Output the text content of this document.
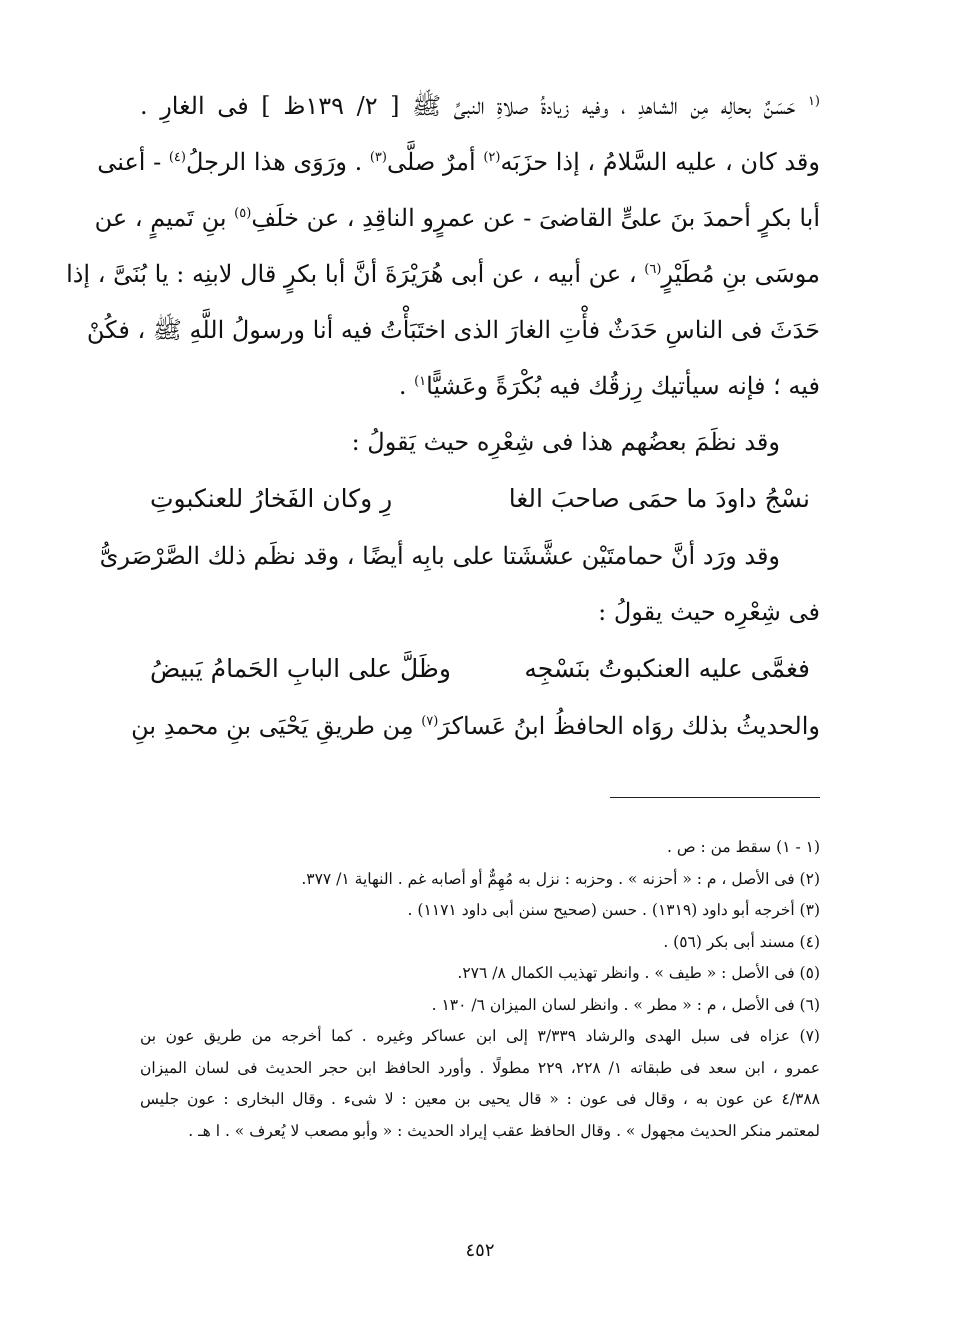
$^{(١}$ حَسَنٌ بحالِه مِن الشاهدِ ، وفيه زيادةُ صلاةِ النبىِّ ﷺ [ ٢/ ١٣٩ظ ] فى الغارِ .
وقد كان ، عليه السَّلامُ ، إذا حزَبَه$^{(٢)}$ أمرٌ صلَّى$^{(٣)}$ . ورَوَى هذا الرجلُ$^{(٤)}$ - أعنى
أبا بكرٍ أحمدَ بنَ علىٍّ القاضىَ - عن عمرٍو الناقِدِ ، عن خلَفِ$^{(٥)}$ بنِ تَميمٍ ، عن
موسَى بنِ مُطَيْرٍ$^{(٦)}$ ، عن أبيه ، عن أبى هُرَيْرَةَ أنَّ أبا بكرٍ قال لابنِه : يا بُنَىَّ ، إذا
حَدَثَ فى الناسِ حَدَثٌ فأْتِ الغارَ الذى اختَبَأْتُ فيه أنا ورسولُ اللَّهِ ﷺ ، فكُنْ
فيه ؛ فإنه سيأتيك رِزقُك فيه بُكْرَةً وعَشيًّا$^{١)}$ .
وقد نظَمَ بعضُهم هذا فى شِعْرِه حيث يَقولُ :
نسْجُ داودَ ما حمَى صاحبَ الغا
رِ وكان الفَخارُ للعنكبوتِ
وقد ورَد أنَّ حمامتَيْن عشَّشَتا على بابِه أيضًا ، وقد نظَم ذلك الصَّرْصَرىُّ
فى شِعْرِه حيث يقولُ :
فغمَّى عليه العنكبوتُ بنَسْجِه
وظَلَّ على البابِ الحَمامُ يَبيضُ
والحديثُ بذلك روَاه الحافظُ ابنُ عَساكرَ$^{(٧)}$ مِن طريقِ يَحْيَى بنِ محمدِ بنِ
(١ - ١) سقط من : ص .
(٢) فى الأصل ، م : « أحزنه » . وحزبه : نزل به مُهِمٌّ أو أصابه غم . النهاية ١/ ٣٧٧.
(٣) أخرجه أبو داود (١٣١٩) . حسن (صحيح سنن أبى داود ١١٧١) .
(٤) مسند أبى بكر (٥٦) .
(٥) فى الأصل : « طيف » . وانظر تهذيب الكمال ٨/ ٢٧٦.
(٦) فى الأصل ، م : « مطر » . وانظر لسان الميزان ٦/ ١٣٠ .
(٧) عزاه فى سبل الهدى والرشاد ٣/٣٣٩ إلى ابن عساكر وغيره . كما أخرجه من طريق عون بن
عمرو ، ابن سعد فى طبقاته ١/ ٢٢٨، ٢٢٩ مطولًا . وأورد الحافظ ابن حجر الحديث فى لسان الميزان
٤/٣٨٨ عن عون به ، وقال فى عون : « قال يحيى بن معين : لا شىء . وقال البخارى : عون جليس
لمعتمر منكر الحديث مجهول » . وقال الحافظ عقب إيراد الحديث : « وأبو مصعب لا يُعرف » . ا هـ .
٤٥٢
